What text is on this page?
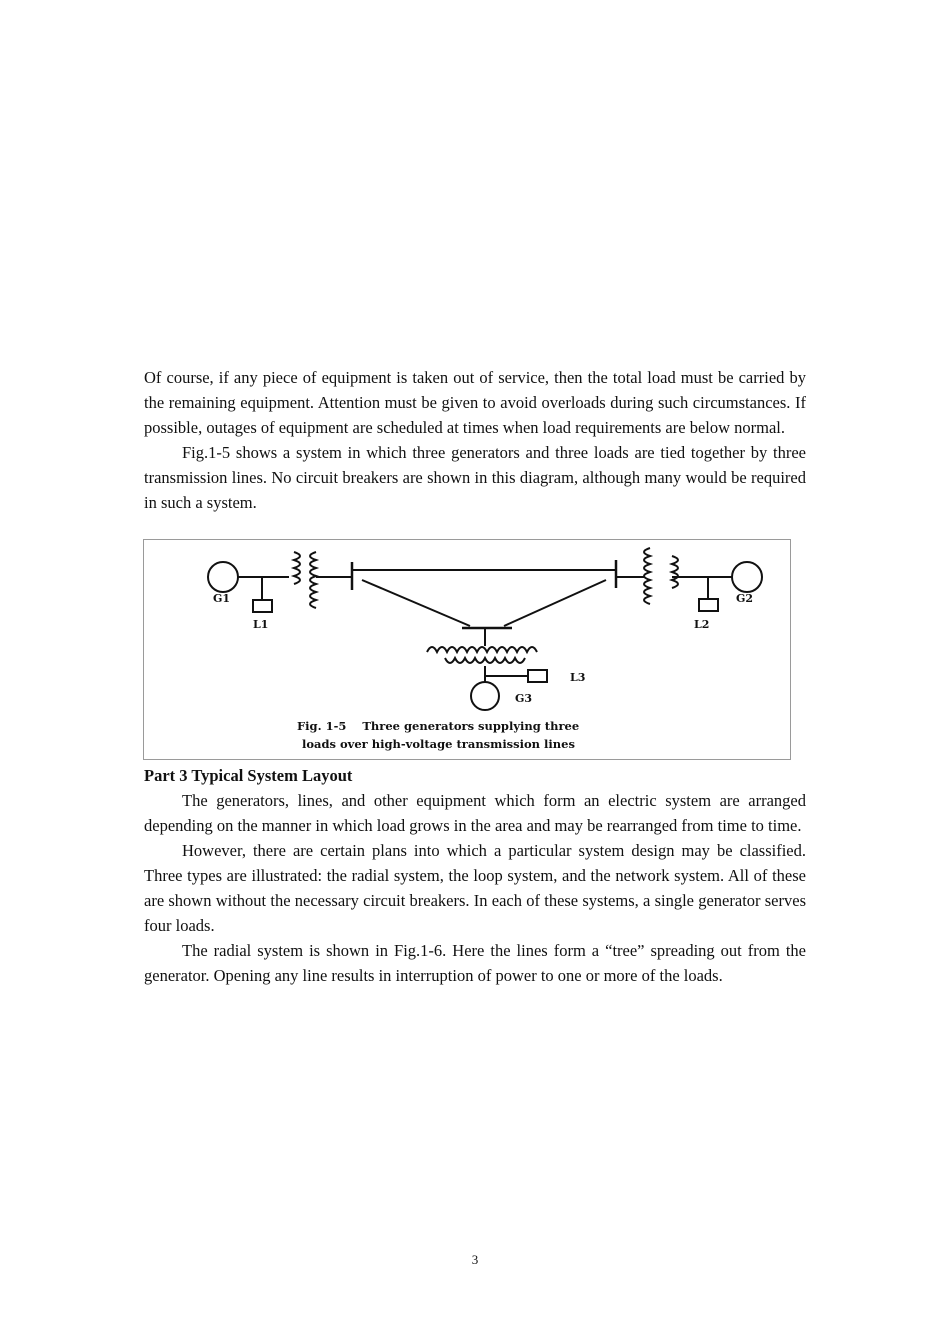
Of course, if any piece of equipment is taken out of service, then the total load must be carried by the remaining equipment. Attention must be given to avoid overloads during such circumstances. If possible, outages of equipment are scheduled at times when load requirements are below normal.

Fig.1-5 shows a system in which three generators and three loads are tied together by three transmission lines. No circuit breakers are shown in this diagram, although many would be required in such a system.

G1
L1
G2
L2
L3
G3
Fig. 1-5    Three generators supplying three
loads over high-voltage transmission lines

Part 3 Typical System Layout

The generators, lines, and other equipment which form an electric system are arranged depending on the manner in which load grows in the area and may be rearranged from time to time.

However, there are certain plans into which a particular system design may be classified. Three types are illustrated: the radial system, the loop system, and the network system. All of these are shown without the necessary circuit breakers. In each of these systems, a single generator serves four loads.

The radial system is shown in Fig.1-6. Here the lines form a “tree” spreading out from the generator. Opening any line results in interruption of power to one or more of the loads.

3
